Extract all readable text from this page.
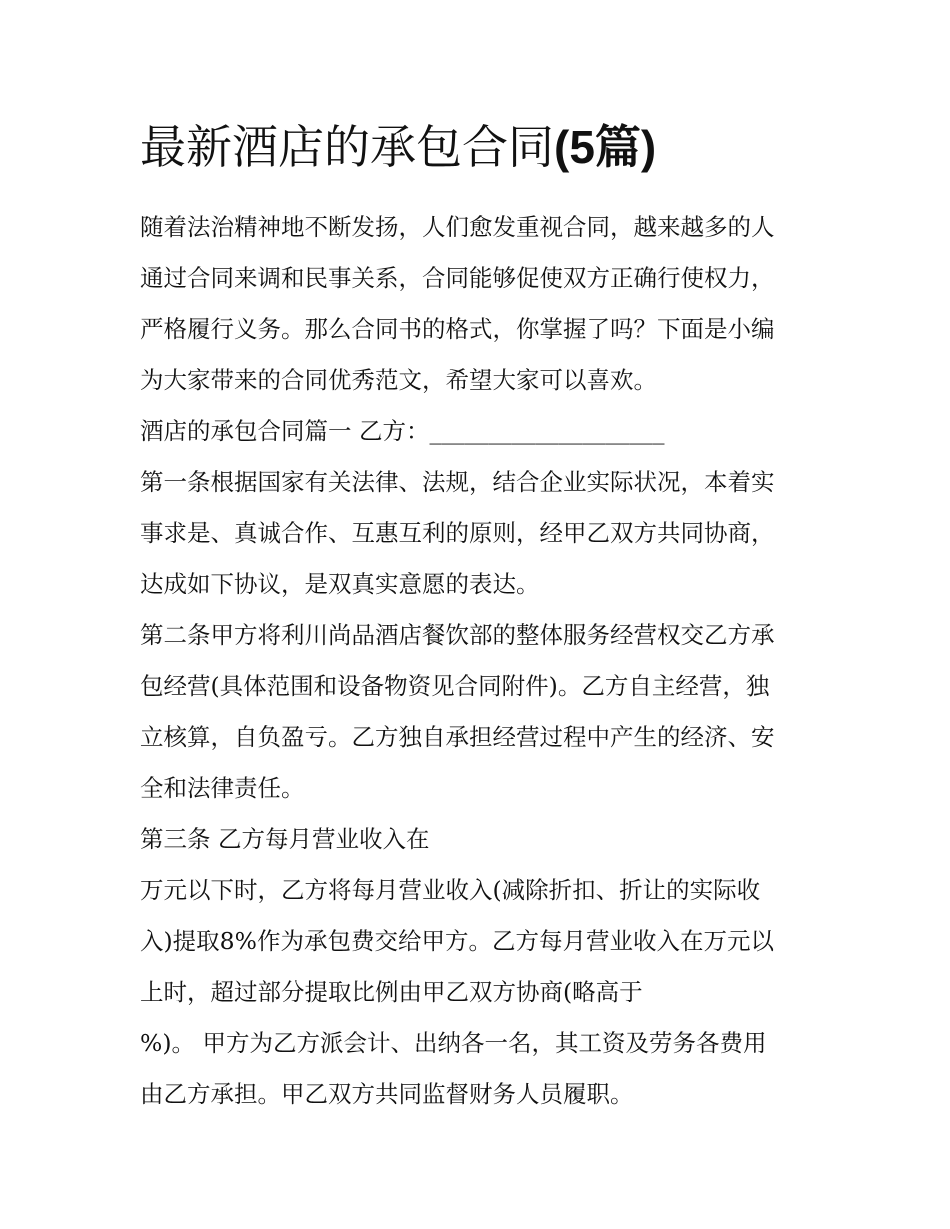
最新酒店的承包合同(5篇)
随着法治精神地不断发扬，人们愈发重视合同，越来越多的人
通过合同来调和民事关系，合同能够促使双方正确行使权力，
严格履行义务。那么合同书的格式，你掌握了吗？下面是小编
为大家带来的合同优秀范文，希望大家可以喜欢。
酒店的承包合同篇一 乙方：____________________
第一条根据国家有关法律、法规，结合企业实际状况，本着实
事求是、真诚合作、互惠互利的原则，经甲乙双方共同协商，
达成如下协议，是双真实意愿的表达。
第二条甲方将利川尚品酒店餐饮部的整体服务经营权交乙方承
包经营(具体范围和设备物资见合同附件)。乙方自主经营，独
立核算，自负盈亏。乙方独自承担经营过程中产生的经济、安
全和法律责任。
第三条 乙方每月营业收入在
万元以下时，乙方将每月营业收入(减除折扣、折让的实际收
入)提取8%作为承包费交给甲方。乙方每月营业收入在万元以
上时，超过部分提取比例由甲乙双方协商(略高于
%)。 甲方为乙方派会计、出纳各一名，其工资及劳务各费用
由乙方承担。甲乙双方共同监督财务人员履职。
